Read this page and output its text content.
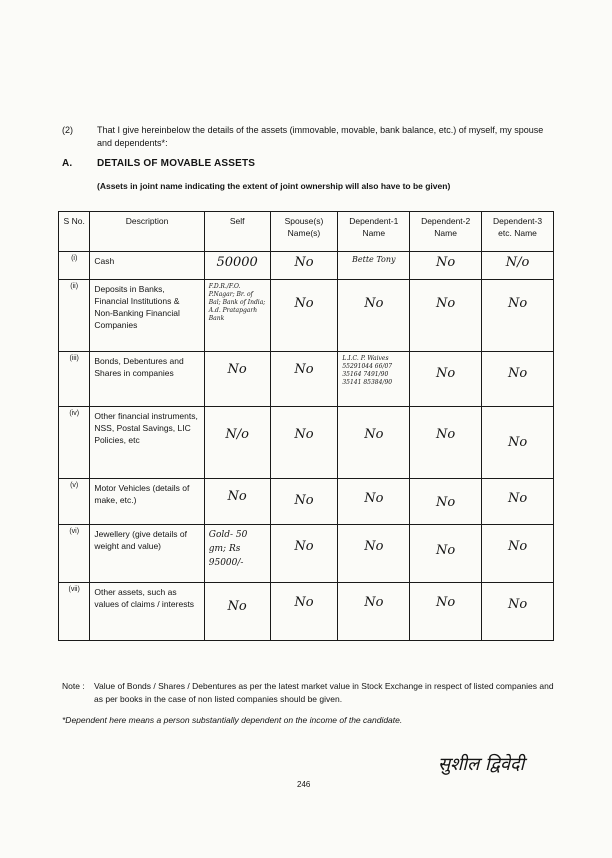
(2)	That I give hereinbelow the details of the assets (immovable, movable, bank balance, etc.) of myself, my spouse and dependents*:
A. DETAILS OF MOVABLE ASSETS
(Assets in joint name indicating the extent of joint ownership will also have to be given)
S No.	Description	Self	Spouse(s) Name(s)	Dependent-1 Name	Dependent-2 Name	Dependent-3 etc. Name
(i)	Cash	50000	No	Bette Tony	No	N/o
(ii)	Deposits in Banks, Financial Institutions & Non-Banking Financial Companies	F.D.R./F.O. P.Nagar; Br. of Bal; Bank of India; A.d. Pratapgarh Bank	No	No	No	No
(iii)	Bonds, Debentures and Shares in companies	No	No	L.I.C. P. Waives 55291044 66/07 35164 7491/90 35141 85384/90	No	No
(iv)	Other financial instruments, NSS, Postal Savings, LIC Policies, etc	N/o	No	No	No	No
(v)	Motor Vehicles (details of make, etc.)	No	No	No	No	No
(vi)	Jewellery (give details of weight and value)	Gold- 50 gm; Rs 95000/-	No	No	No	No
(vii)	Other assets, such as values of claims / interests	No	No	No	No	No
Note : Value of Bonds / Shares / Debentures as per the latest market value in Stock Exchange in respect of listed companies and as per books in the case of non listed companies should be given.
*Dependent here means a person substantially dependent on the income of the candidate.
सुशील द्विवेदी
246
